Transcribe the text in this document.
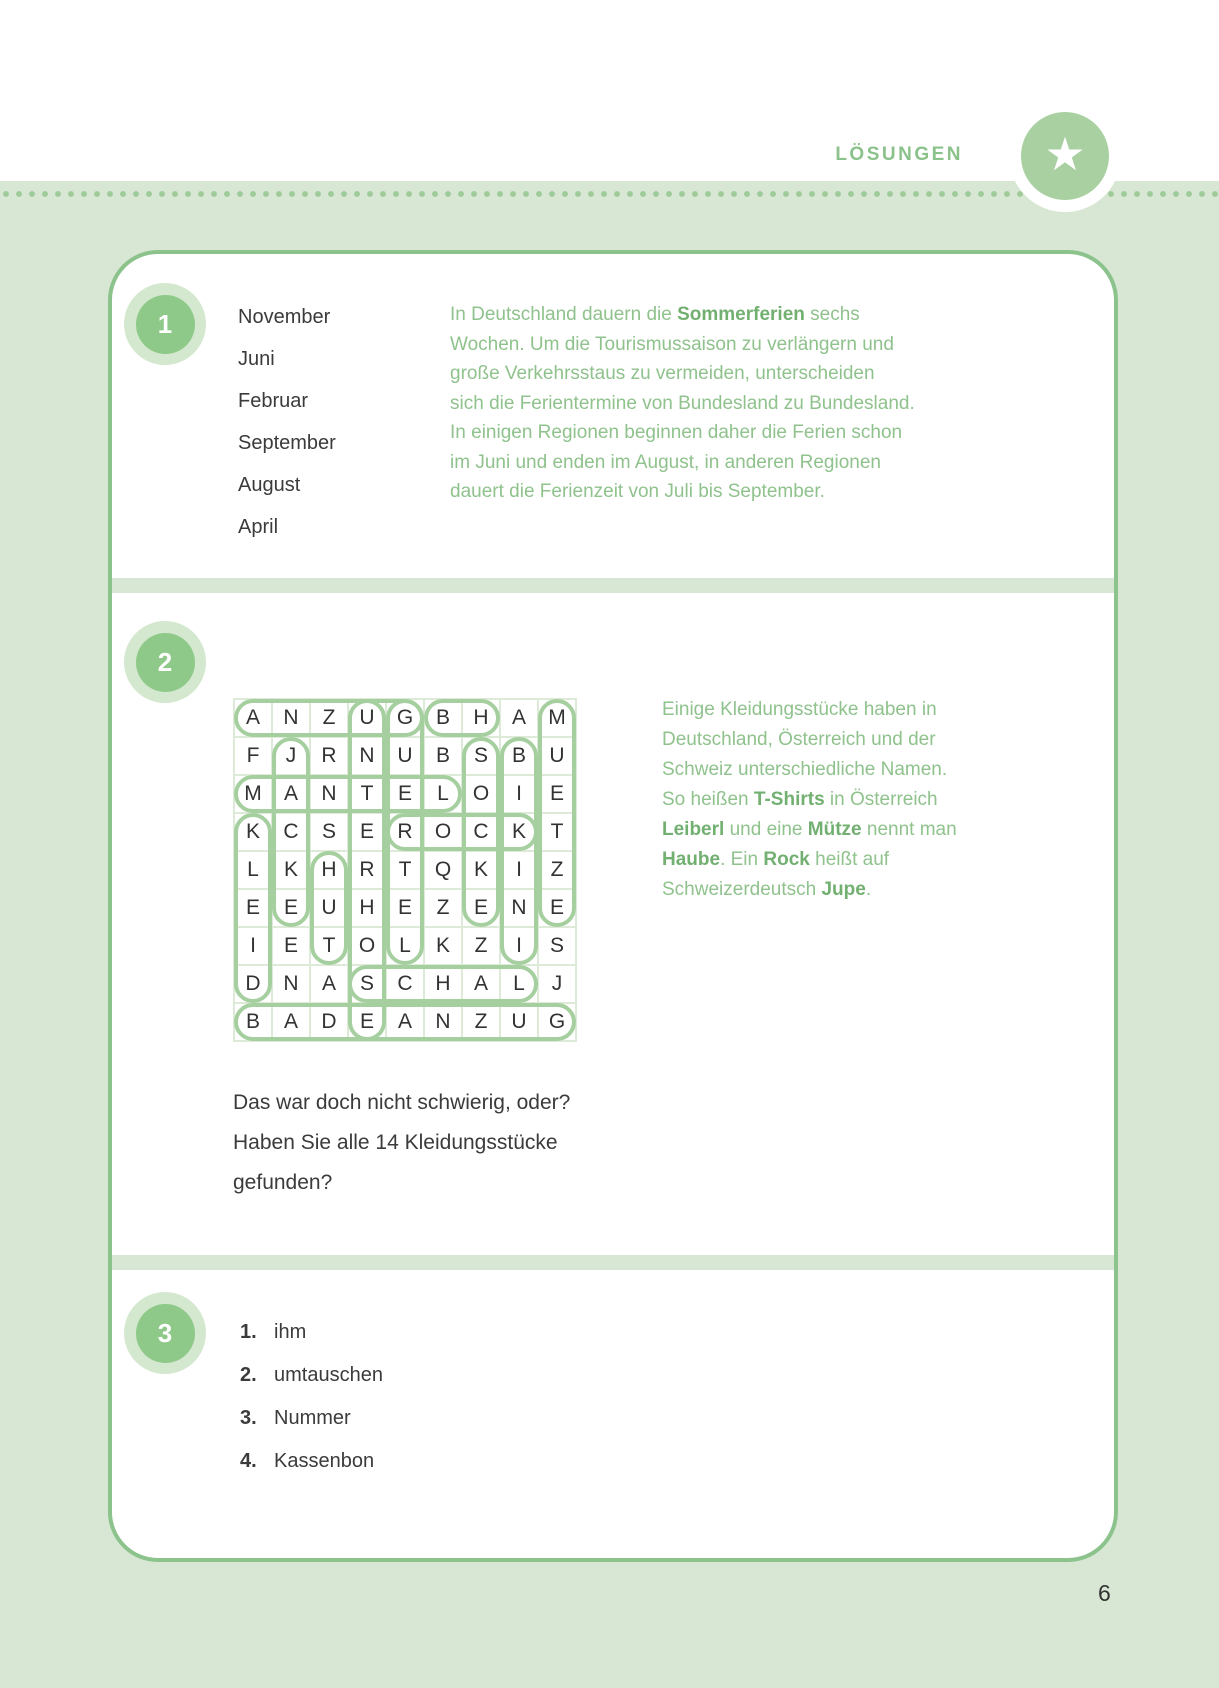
LÖSUNGEN ★
1	November
Juni
Februar
September
August
April
In Deutschland dauern die Sommerferien sechs
Wochen. Um die Tourismussaison zu verlängern und
große Verkehrsstaus zu vermeiden, unterscheiden
sich die Ferientermine von Bundesland zu Bundesland.
In einigen Regionen beginnen daher die Ferien schon
im Juni und enden im August, in anderen Regionen
dauert die Ferienzeit von Juli bis September.
2
A	N	Z	U	G	B	H	A	M
F	J	R	N	U	B	S	B	U
M	A	N	T	E	L	O	I	E
K	C	S	E	R	O	C	K	T
L	K	H	R	T	Q	K	I	Z
E	E	U	H	E	Z	E	N	E
I	E	T	O	L	K	Z	I	S
D	N	A	S	C	H	A	L	J
B	A	D	E	A	N	Z	U	G
Einige Kleidungsstücke haben in
Deutschland, Österreich und der
Schweiz unterschiedliche Namen.
So heißen T-Shirts in Österreich
Leiberl und eine Mütze nennt man
Haube. Ein Rock heißt auf
Schweizerdeutsch Jupe.
Das war doch nicht schwierig, oder?
Haben Sie alle 14 Kleidungsstücke
gefunden?
3	1. ihm
2. umtauschen
3. Nummer
4. Kassenbon
6
